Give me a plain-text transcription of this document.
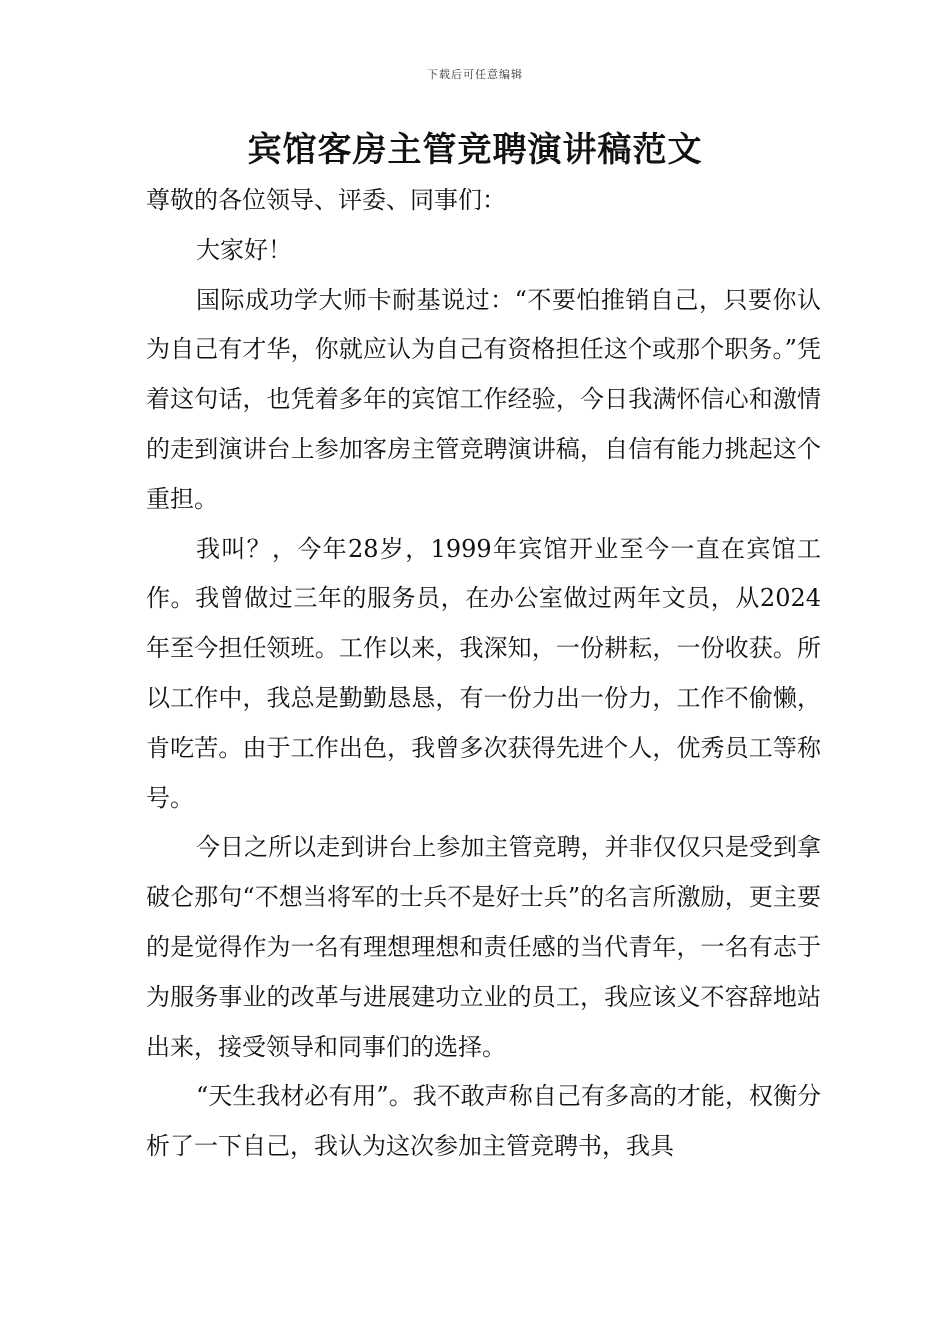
下载后可任意编辑
宾馆客房主管竞聘演讲稿范文

尊敬的各位领导、评委、同事们：

大家好！

国际成功学大师卡耐基说过：“不要怕推销自己，只要你认为自己有才华，你就应认为自己有资格担任这个或那个职务。”凭着这句话，也凭着多年的宾馆工作经验，今日我满怀信心和激情的走到演讲台上参加客房主管竞聘演讲稿，自信有能力挑起这个重担。

我叫？，今年28岁，1999年宾馆开业至今一直在宾馆工作。我曾做过三年的服务员，在办公室做过两年文员，从2024年至今担任领班。工作以来，我深知，一份耕耘，一份收获。所以工作中，我总是勤勤恳恳，有一份力出一份力，工作不偷懒，肯吃苦。由于工作出色，我曾多次获得先进个人，优秀员工等称号。

今日之所以走到讲台上参加主管竞聘，并非仅仅只是受到拿破仑那句“不想当将军的士兵不是好士兵”的名言所激励，更主要的是觉得作为一名有理想理想和责任感的当代青年，一名有志于为服务事业的改革与进展建功立业的员工，我应该义不容辞地站出来，接受领导和同事们的选择。

“天生我材必有用”。我不敢声称自己有多高的才能，权衡分析了一下自己，我认为这次参加主管竞聘书，我具
